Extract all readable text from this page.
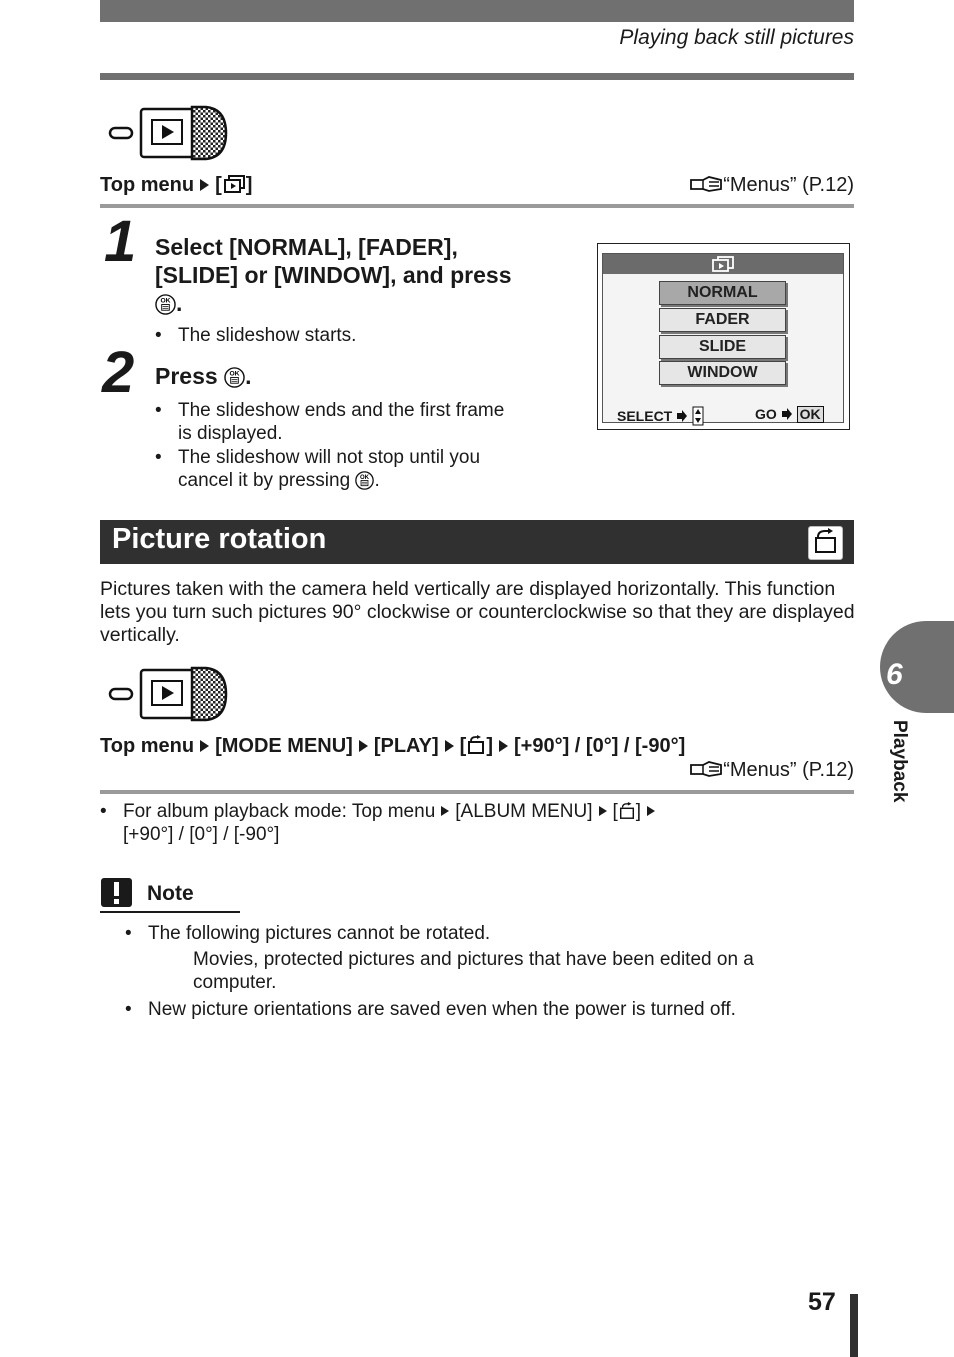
Playing back still pictures
Top menu [ ]	“Menus” (P.12)
1 Select [NORMAL], [FADER],
[SLIDE] or [WINDOW], and press
OK .
• The slideshow starts.
2 Press OK .
• The slideshow ends and the first frame
is displayed.
• The slideshow will not stop until you
cancel it by pressing OK .
NORMAL
FADER
SLIDE
WINDOW
SELECT	GO OK
Picture rotation
Pictures taken with the camera held vertically are displayed horizontally. This function lets you turn such pictures 90° clockwise or counterclockwise so that they are displayed vertically.
Top menu [MODE MENU] [PLAY] [ ] [+90°] / [0°] / [-90°]
“Menus” (P.12)
• For album playback mode: Top menu [ALBUM MENU] [ ]
[+90°] / [0°] / [-90°]
6
Playback
Note
• The following pictures cannot be rotated.
Movies, protected pictures and pictures that have been edited on a
computer.
• New picture orientations are saved even when the power is turned off.
57
